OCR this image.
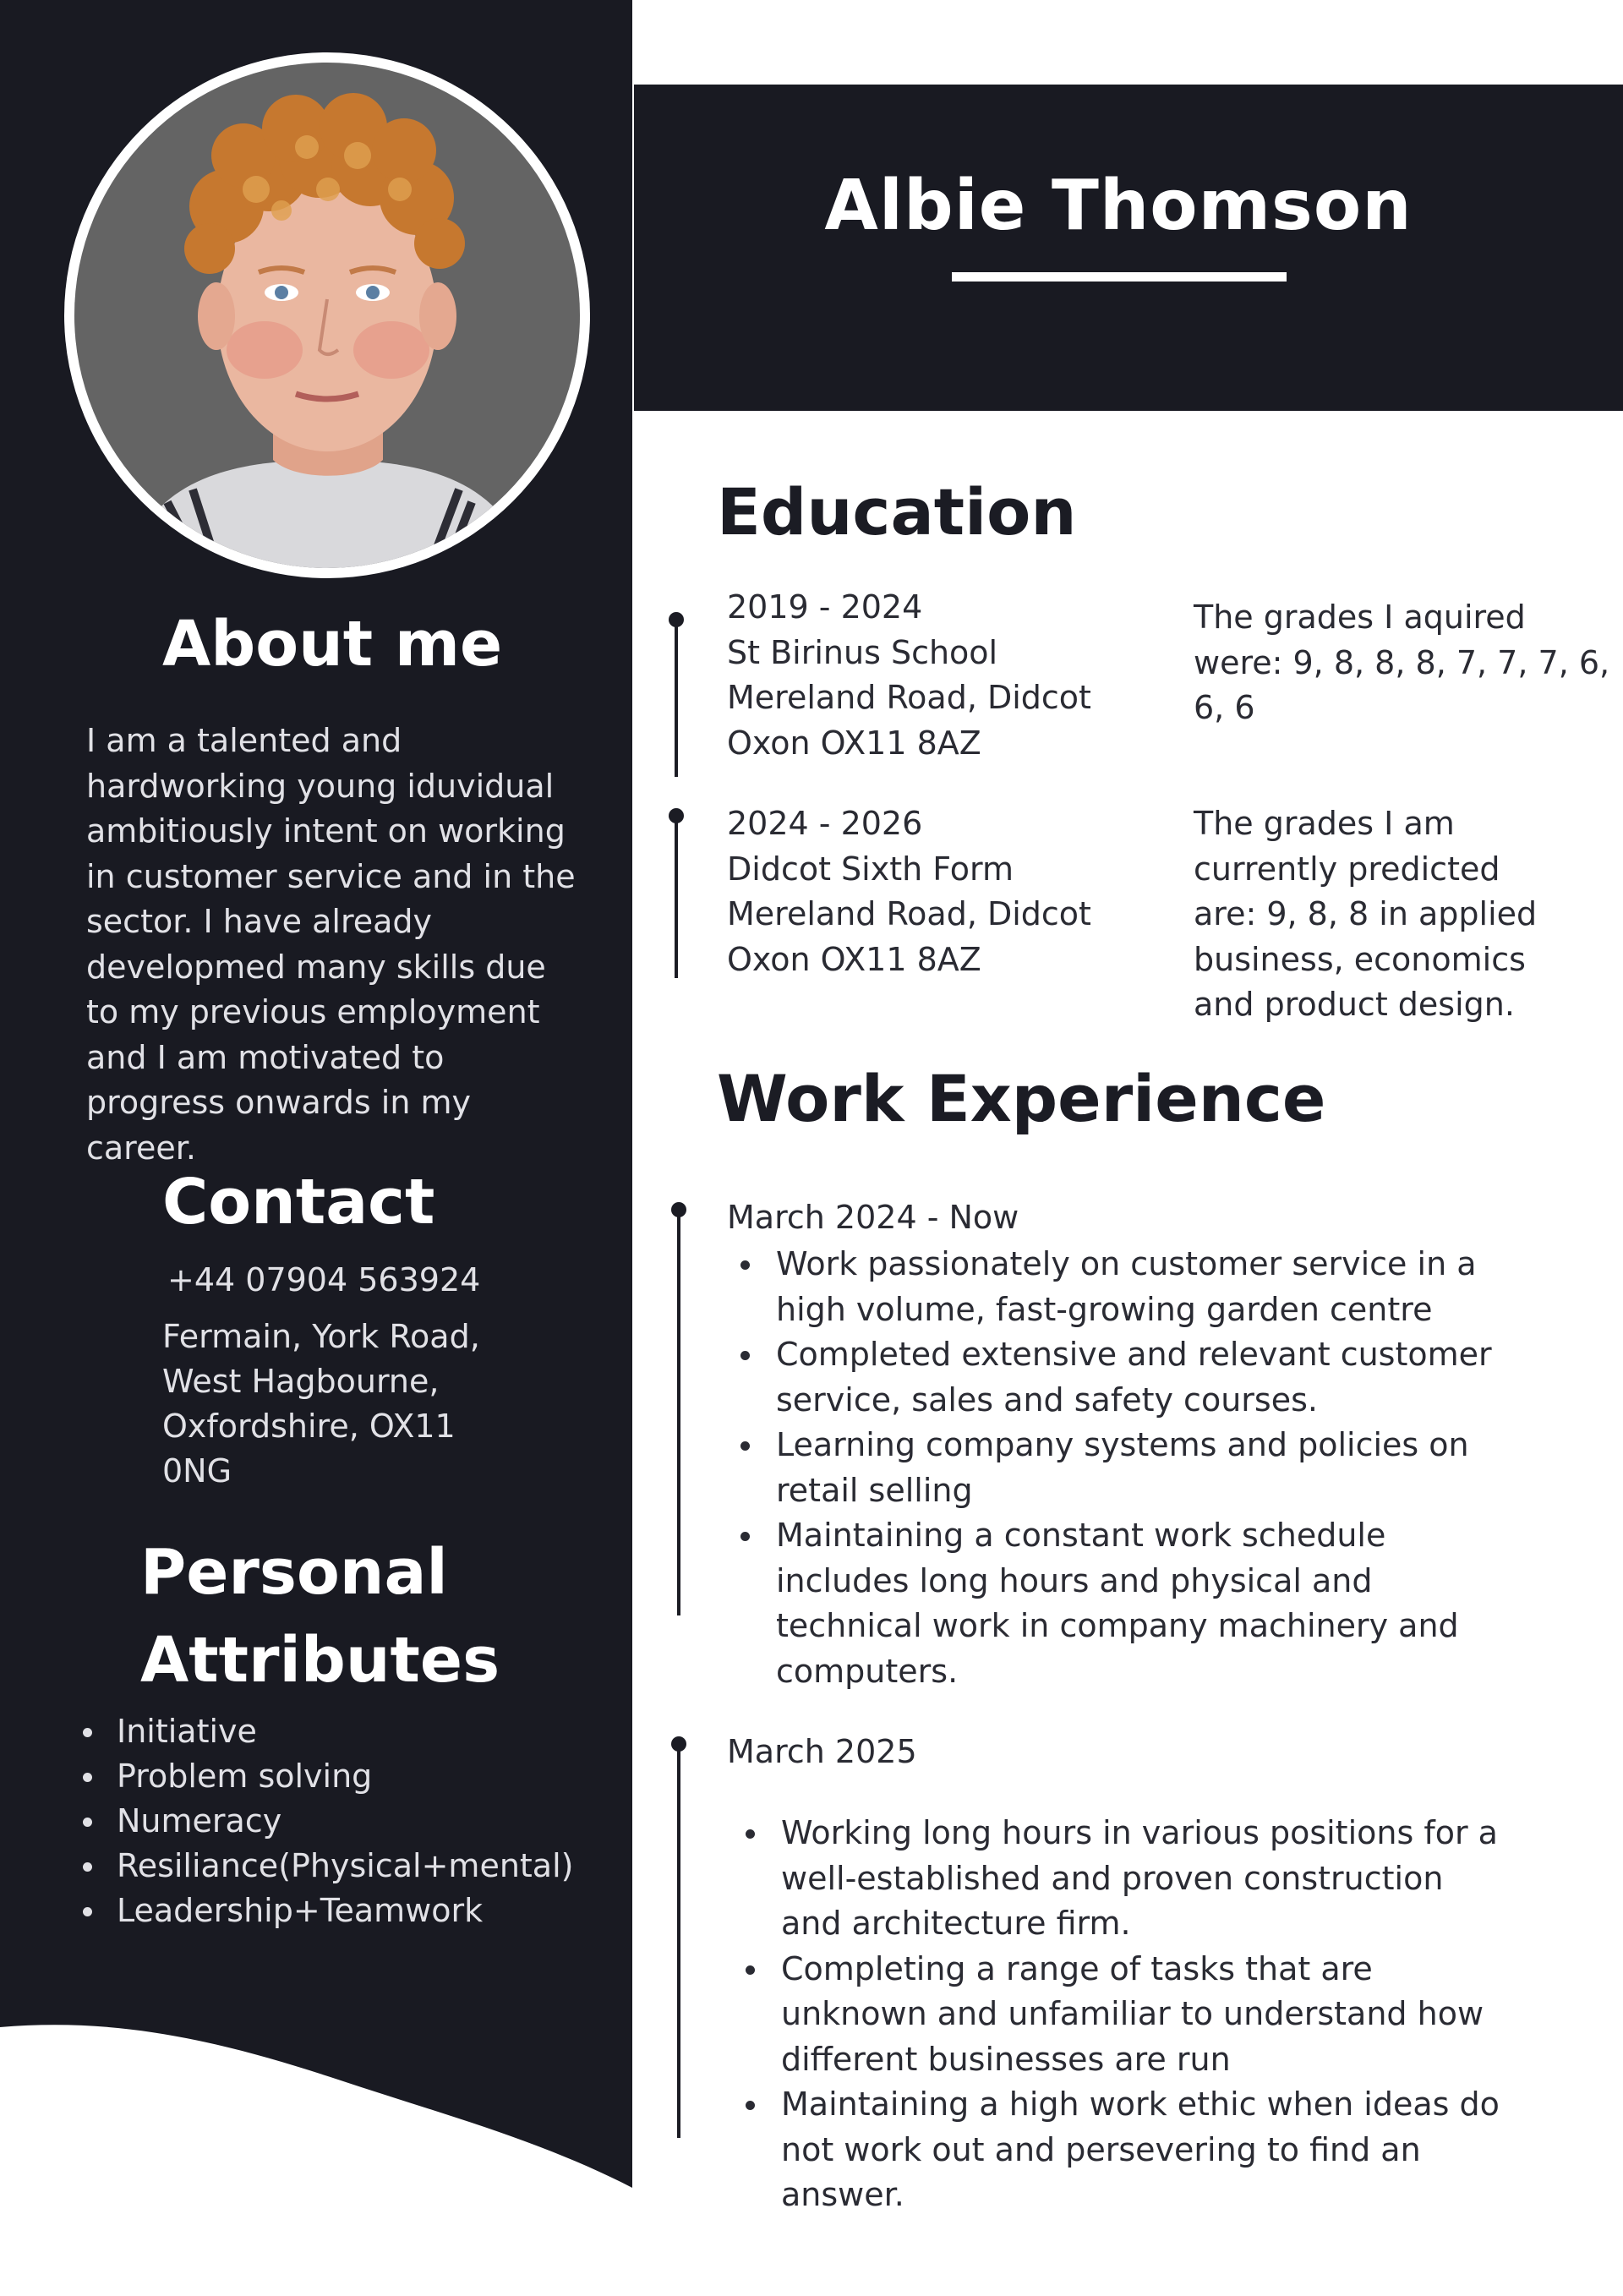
Albie Thomson
About me
I am a talented and
hardworking young iduvidual
ambitiously intent on working
in customer service and in the
sector. I have already
developmed many skills due
to my previous employment
and I am motivated to
progress onwards in my
career.
Contact
+44 07904 563924
Fermain, York Road,
West Hagbourne,
Oxfordshire, OX11
0NG
Personal
Attributes
Initiative
Problem solving
Numeracy
Resiliance(Physical+mental)
Leadership+Teamwork
Education
2019 - 2024
St Birinus School
Mereland Road, Didcot
Oxon OX11 8AZ
The grades I aquired
were: 9, 8, 8, 8, 7, 7, 7, 6,
6, 6
2024 - 2026
Didcot Sixth Form
Mereland Road, Didcot
Oxon OX11 8AZ
The grades I am
currently predicted
are: 9, 8, 8 in applied
business, economics
and product design.
Work Experience
March 2024 - Now
Work passionately on customer service in a
high volume, fast-growing garden centre
Completed extensive and relevant customer
service, sales and safety courses.
Learning company systems and policies on
retail selling
Maintaining a constant work schedule
includes long hours and physical and
technical work in company machinery and
computers.
March 2025
Working long hours in various positions for a
well-established and proven construction
and architecture firm.
Completing a range of tasks that are
unknown and unfamiliar to understand how
different businesses are run
Maintaining a high work ethic when ideas do
not work out and persevering to find an
answer.
